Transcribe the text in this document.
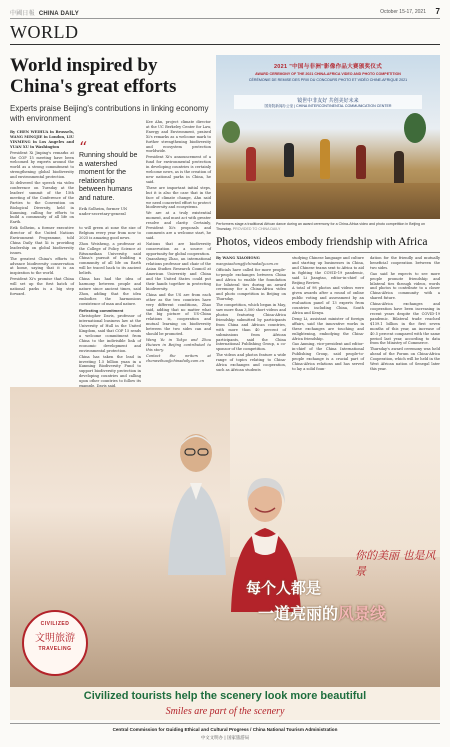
中國日報 CHINA DAILY	October 15-17, 2021 7
WORLD
World inspired by China's great efforts
Experts praise Beijing's contributions in linking economy with environment

By CHEN WEIHUA in Brussels, WANG MINGJIE in London, LIU YINMENG in Los Angeles and YUAN XU in Washington

President Xi Jinping's remarks at the COP 15 meeting have been welcomed by experts around the world as a strong commitment to strengthening global biodiversity and environmental protection.

Xi delivered the speech via video conference on Tuesday at the leaders' summit of the 15th meeting of the Conference of the Parties to the Convention on Biological Diversity, held in Kunming, calling for efforts to build a community of all life on Earth.

Erik Solheim, a former executive director of the United Nations Environment Programme, told China Daily that Xi is providing leadership on global biodiversity issues.

The greatest China's efforts to advance biodiversity conservation at home, saying that it is an inspiration to the world.

President Xi's promise that China will set up the first batch of national parks is a big step forward.

“
Running should be a watershed moment for the relationship between humans and nature.
Erik Solheim, former UN under-secretary-general

to will green at zone the size of Belgium every year from now to 2025 is amazing good news.

Zhou Weisheng, a professor at the College of Policy Science at Ritsumeikan University, said China's pursuit of building a community of all life on Earth will be traced back to its ancient beliefs.

China has had the idea of harmony between people and nature since ancient times, said Zhou, adding that the idea embodies the harmonious coexistence of man and nature.

Reflecting commitment

Christopher Davis, professor of international business law at the University of Hull in the United Kingdom, said that COP 15 sends a welcome commitment from China to the indivisible link of economic development and environmental protection.

China has taken the lead in investing 1.5 billion yuan in a Kunming Biodiversity Fund to support biodiversity protection in developing countries and calling upon other countries to follow its

Kee Ahn, project climate director at the UC Berkeley Center for Law, Energy and Environment, praised Xi's remarks as a welcome mark to further strengthening biodiversity and ecosystem protection worldwide.

President Xi's announcement of a fund for environmental protection in developing countries is certainly welcome news, as is the creation of new national parks in China, he said.

These are important initial steps, but it is also the case that in the face of climate change, Ahn said we need concerted effort to protect biodiversity and ecosystems.

We are at a truly existential moment, and must act with greater resolve and clarity. Certainly, President Xi's proposals and comments are a welcome start, he said.

Nations that are biodiversity conservation as a source of opportunity for global cooperation.

Quansheng Zhao, an international relations professor and chair of the Asian Studies Research Council at American University and China and the United States could put their hands together in protecting biodiversity.

China and the US are from each other as the two countries have very different conditions, Zhao said, adding that no matter what the big picture of US-China relations is, cooperation and mutual learning on biodiversity between the two sides can and should be promoted.

Wang Yu in Tokyo and Zhou Huiwen in Beijing contributed to this story.

Contact the writers at chenweihua@chinadaily.com.cn

2021 "中国与非洲"影像作品大赛颁奖仪式
AWARD CEREMONY OF THE 2021 CHINA-AFRICA VIDEO AND PHOTO COMPETITION
CÉRÉMONIE DE REMISE DES PRIX DU CONCOURS PHOTO ET VIDÉO CHINE-AFRIQUE 2021
镜世中非友好 共创美好未来
国务院新闻办公室 | CHINA INTERCONTINENTAL COMMUNICATION CENTER
Performers stage a traditional African dance during an award ceremony for a China-Africa video and photo competition in Beijing on Thursday. PROVIDED TO CHINA DAILY
Photos, videos embody friendship with Africa

By WANG XIAOHONG

wangxiaohong@chinadaily.com.cn

Officials have called for more people-to-people exchanges between China and Africa to enable the foundation for bilateral ties during an award ceremony for a China-Africa video and photo competition in Beijing on Thursday.

The competition, which began in May, saw more than 3,500 short videos and photos featuring China-Africa friendship submitted by participants from China and African countries, with more than 40 percent of submissions from African participants, said the China International Publishing Group, a co-sponsor of the competition.

The videos and photos feature a wide range of topics relating to China-Africa exchanges and cooperation, such as African students

studying Chinese language and culture and starting up businesses in China, and Chinese teams sent to Africa to aid in fighting the COVID-19 pandemic, said Li Jiangtao, editor-in-chief of Beijing Review.

A total of 98 photos and videos were given awards after a round of online public voting and assessment by an evaluation panel of 13 experts from countries including China, South Africa and Kenya.

Deng Li, assistant minister of foreign affairs, said the innovative works in these exchanges are touching and enlightening, embodying the China-Africa friendship.

Gao Anming, vice-president and editor-in-chief of the China International Publishing Group, said people-to-people exchange is a crucial part of China-Africa relations and has served to lay a solid foun-

dation for the friendly and mutually beneficial cooperation between the two sides.

Gao said he expects to see more people promote friendship and bilateral ties through videos, words and photos to contribute to a closer China-Africa community with a shared future.

China-Africa exchanges and cooperation have been increasing in recent years despite the COVID-19 pandemic. Bilateral trade reached $139.1 billion in the first seven months of this year, an increase of 40.5 percent compared with the same period last year, according to data from the Ministry of Commerce.

Thursday's award ceremony was held ahead of the Forum on China-Africa Cooperation, which will be held in the West African nation of Senegal later this year.

你的美丽 也是风景
每个人都是
一道亮丽的风景线
CIVILIZED
文明旅游
TRAVELING
Civilized tourists help the scenery look more beautiful
Smiles are part of the scenery
Central Commission for Guiding Ethical and Cultural Progress / China National Tourism Administration
中文文明办 | 国家旅游局
